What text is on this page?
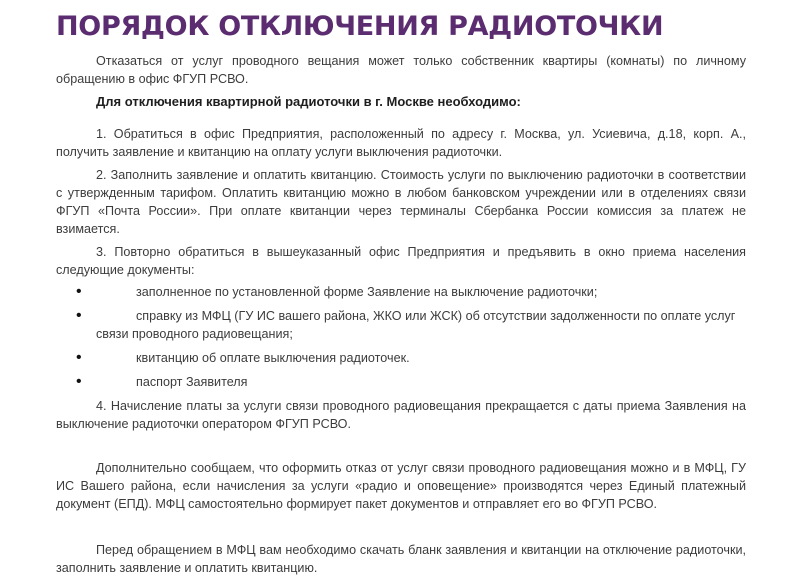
ПОРЯДОК ОТКЛЮЧЕНИЯ РАДИОТОЧКИ

Отказаться от услуг проводного вещания может только собственник квартиры (комнаты) по личному обращению в офис ФГУП РСВО.

Для отключения квартирной радиоточки в г. Москве необходимо:

1. Обратиться в офис Предприятия, расположенный по адресу г. Москва, ул. Усиевича, д.18, корп. А., получить заявление и квитанцию на оплату услуги выключения радиоточки.

2. Заполнить заявление и оплатить квитанцию. Стоимость услуги по выключению радиоточки в соответствии с утвержденным тарифом. Оплатить квитанцию можно в любом банковском учреждении или в отделениях связи ФГУП «Почта России». При оплате квитанции через терминалы Сбербанка России комиссия за платеж не взимается.

3. Повторно обратиться в вышеуказанный офис Предприятия и предъявить в окно приема населения следующие документы:

•	заполненное по установленной форме Заявление на выключение радиоточки;
•	справку из МФЦ (ГУ ИС вашего района, ЖКО или ЖСК) об отсутствии задолженности по оплате услуг связи проводного радиовещания;
•	квитанцию об оплате выключения радиоточек.
•	паспорт Заявителя

4. Начисление платы за услуги связи проводного радиовещания прекращается с даты приема Заявления на выключение радиоточки оператором ФГУП РСВО.

Дополнительно сообщаем, что оформить отказ от услуг связи проводного радиовещания можно и в МФЦ, ГУ ИС Вашего района, если начисления за услуги «радио и оповещение» производятся через Единый платежный документ (ЕПД). МФЦ самостоятельно формирует пакет документов и отправляет его во ФГУП РСВО.

Перед обращением в МФЦ вам необходимо скачать бланк заявления и квитанции на отключение радиоточки, заполнить заявление и оплатить квитанцию.
